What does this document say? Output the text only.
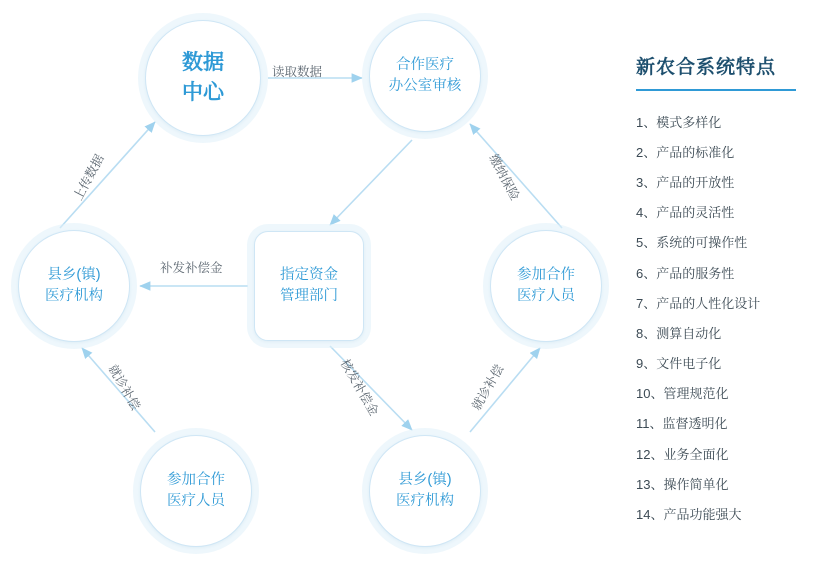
数据
中心
合作医疗
办公室审核
县乡(镇)
医疗机构
指定资金
管理部门
参加合作
医疗人员
参加合作
医疗人员
县乡(镇)
医疗机构
读取数据
上传数据	缴纳保险
补发补偿金
核发补偿金
就诊补偿	就诊补偿
新农合系统特点
1、模式多样化
2、产品的标准化
3、产品的开放性
4、产品的灵活性
5、系统的可操作性
6、产品的服务性
7、产品的人性化设计
8、测算自动化
9、文件电子化
10、管理规范化
11、监督透明化
12、业务全面化
13、操作简单化
14、产品功能强大
